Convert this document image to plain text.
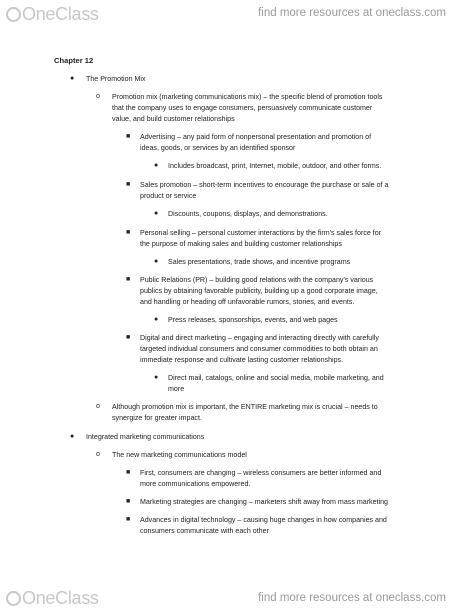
OneClass	find more resources at oneclass.com
Chapter 12
● The Promotion Mix
o Promotion mix (marketing communications mix) – the specific blend of promotion tools
that the company uses to engage consumers, persuasively communicate customer
value, and build customer relationships
■ Advertising – any paid form of nonpersonal presentation and promotion of
ideas, goods, or services by an identified sponsor
● Includes broadcast, print, Internet, mobile, outdoor, and other forms.
■ Sales promotion – short-term incentives to encourage the purchase or sale of a
product or service
● Discounts, coupons, displays, and demonstrations.
■ Personal selling – personal customer interactions by the firm's sales force for
the purpose of making sales and building customer relationships
● Sales presentations, trade shows, and incentive programs
■ Public Relations (PR) – building good relations with the company's various
publics by obtaining favorable publicity, building up a good corporate image,
and handling or heading off unfavorable rumors, stories, and events.
● Press releases, sponsorships, events, and web pages
■ Digital and direct marketing – engaging and interacting directly with carefully
targeted individual consumers and consumer commodities to both obtain an
immediate response and cultivate lasting customer relationships.
● Direct mail, catalogs, online and social media, mobile marketing, and
more
o Although promotion mix is important, the ENTIRE marketing mix is crucial – needs to
synergize for greater impact.
● Integrated marketing communications
o The new marketing communications model
■ First, consumers are changing – wireless consumers are better informed and
more communications empowered.
■ Marketing strategies are changing – marketers shift away from mass marketing
■ Advances in digital technology – causing huge changes in how companies and
consumers communicate with each other
OneClass	find more resources at oneclass.com
